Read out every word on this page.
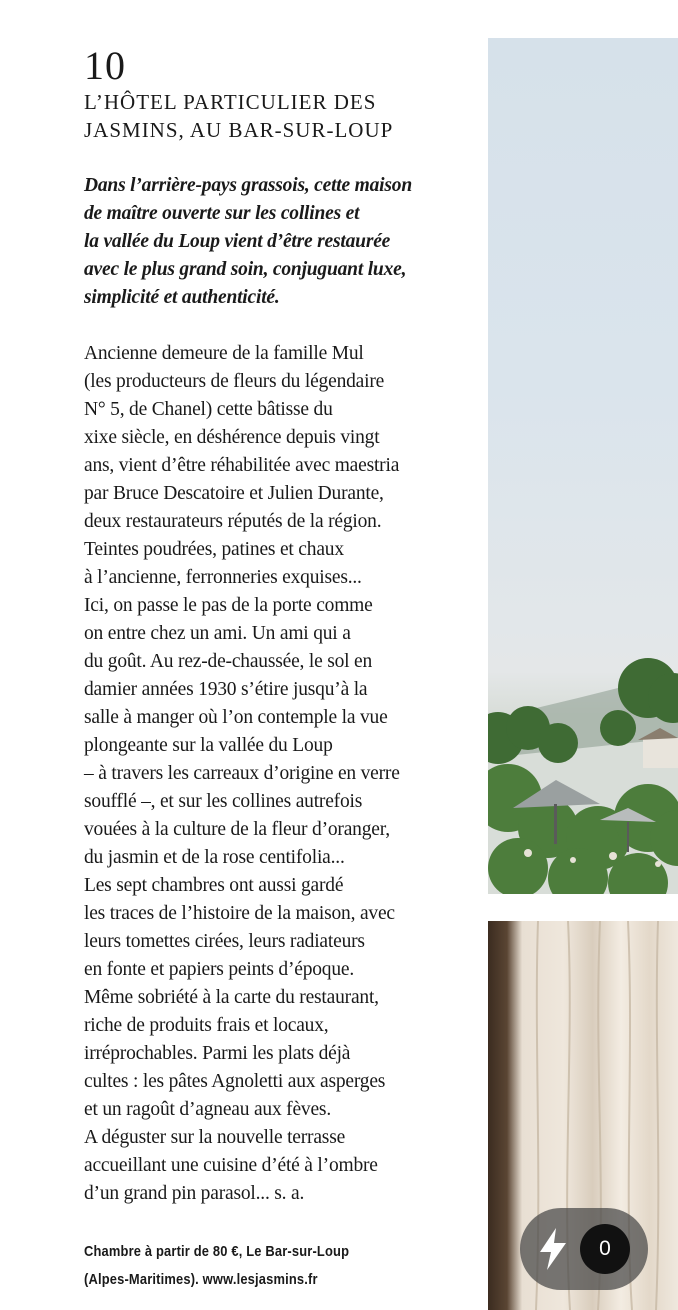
10
L’HÔTEL PARTICULIER DES
JASMINS, AU BAR-SUR-LOUP

Dans l’arrière-pays grassois, cette maison
de maître ouverte sur les collines et
la vallée du Loup vient d’être restaurée
avec le plus grand soin, conjuguant luxe,
simplicité et authenticité.

Ancienne demeure de la famille Mul
(les producteurs de fleurs du légendaire
N° 5, de Chanel) cette bâtisse du
xixe siècle, en déshérence depuis vingt
ans, vient d’être réhabilitée avec maestria
par Bruce Descatoire et Julien Durante,
deux restaurateurs réputés de la région.
Teintes poudrées, patines et chaux
à l’ancienne, ferronneries exquises...
Ici, on passe le pas de la porte comme
on entre chez un ami. Un ami qui a
du goût. Au rez-de-chaussée, le sol en
damier années 1930 s’étire jusqu’à la
salle à manger où l’on contemple la vue
plongeante sur la vallée du Loup
– à travers les carreaux d’origine en verre
soufflé –, et sur les collines autrefois
vouées à la culture de la fleur d’oranger,
du jasmin et de la rose centifolia...
Les sept chambres ont aussi gardé
les traces de l’histoire de la maison, avec
leurs tomettes cirées, leurs radiateurs
en fonte et papiers peints d’époque.
Même sobriété à la carte du restaurant,
riche de produits frais et locaux,
irréprochables. Parmi les plats déjà
cultes : les pâtes Agnoletti aux asperges
et un ragoût d’agneau aux fèves.
A déguster sur la nouvelle terrasse
accueillant une cuisine d’été à l’ombre
d’un grand pin parasol... s. a.

Chambre à partir de 80 €, Le Bar-sur-Loup
(Alpes-Maritimes). www.lesjasmins.fr
0
